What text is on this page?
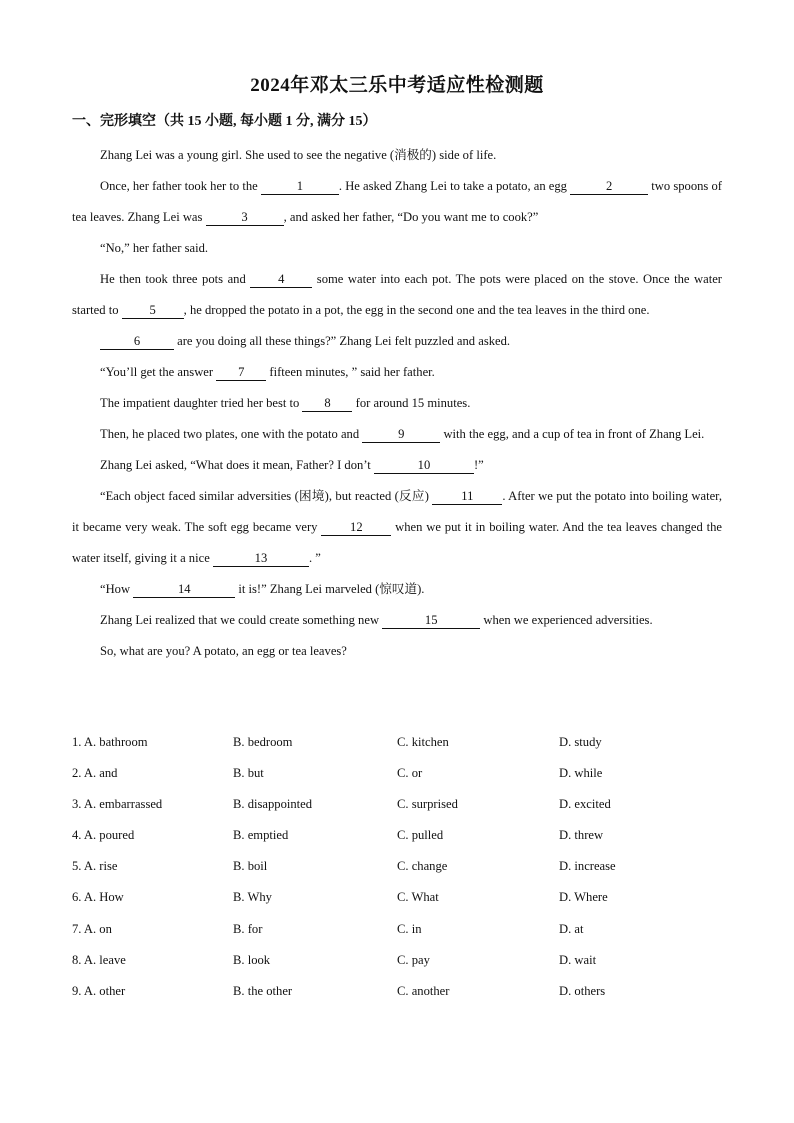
2024年邓太三乐中考适应性检测题
一、完形填空（共 15 小题, 每小题 1 分, 满分 15）

Zhang Lei was a young girl. She used to see the negative (消极的) side of life.

Once, her father took her to the	1	. He asked Zhang Lei to take a potato, an egg	2	two spoons of tea leaves. Zhang Lei was	3	, and asked her father, “Do you want me to cook?”

“No,” her father said.

He then took three pots and 4 some water into each pot. The pots were placed on the stove. Once the water started to 5 , he dropped the potato in a pot, the egg in the second one and the tea leaves in the third one.

6	are you doing all these things?” Zhang Lei felt puzzled and asked.

“You’ll get the answer 7 fifteen minutes, ” said her father.

The impatient daughter tried her best to 8 for around 15 minutes.

Then, he placed two plates, one with the potato and	9	with the egg, and a cup of tea in front of Zhang Lei.

Zhang Lei asked, “What does it mean, Father? I don’t	10	!”

“Each object faced similar adversities (困境), but reacted (反应) 11 . After we put the potato into boiling water, it became very weak. The soft egg became very 12 when we put it in boiling water. And the tea leaves changed the water itself, giving it a nice	13	. ”

“How	14	it is!” Zhang Lei marveled (惊叹道).

Zhang Lei realized that we could create something new	15	when we experienced adversities.

So, what are you? A potato, an egg or tea leaves?

1. A. bathroom	B. bedroom	C. kitchen	D. study
2. A. and	B. but	C. or	D. while
3. A. embarrassed	B. disappointed	C. surprised	D. excited
4. A. poured	B. emptied	C. pulled	D. threw
5. A. rise	B. boil	C. change	D. increase
6. A. How	B. Why	C. What	D. Where
7. A. on	B. for	C. in	D. at
8. A. leave	B. look	C. pay	D. wait
9. A. other	B. the other	C. another	D. others
